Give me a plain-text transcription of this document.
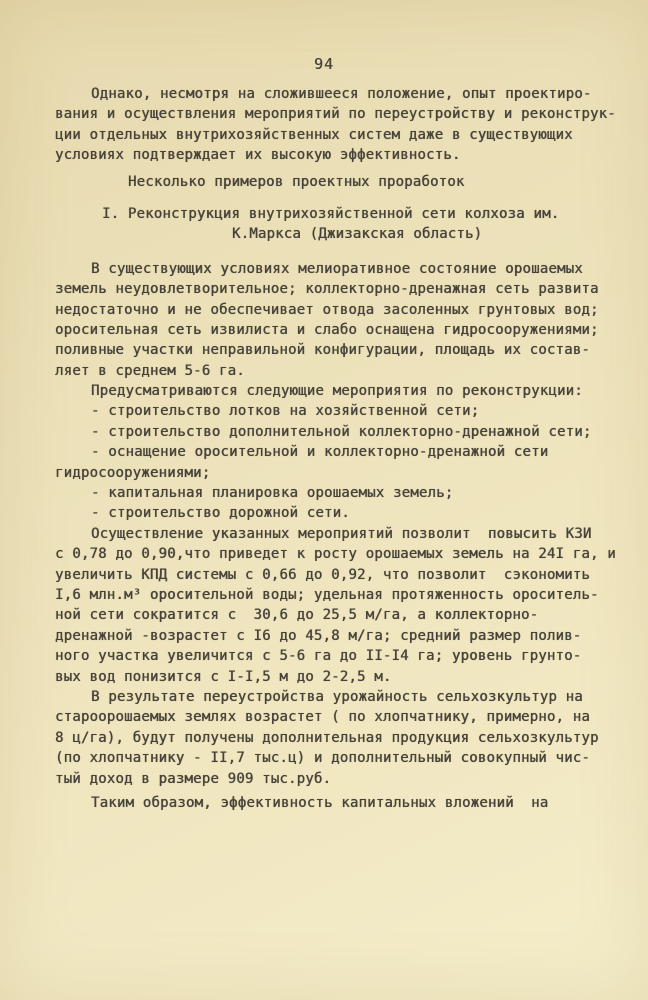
94
Однако, несмотря на сложившееся положение, опыт проектиро-
вания и осуществления мероприятий по переустройству и реконструк-
ции отдельных внутрихозяйственных систем даже в существующих
условиях подтверждает их высокую эффективность.
Несколько примеров проектных проработок
I. Реконструкция внутрихозяйственной сети колхоза им.
К.Маркса (Джизакская область)
В существующих условиях мелиоративное состояние орошаемых
земель неудовлетворительное; коллекторно-дренажная сеть развита
недостаточно и не обеспечивает отвода засоленных грунтовых вод;
оросительная сеть извилиста и слабо оснащена гидросооружениями;
поливные участки неправильной конфигурации, площадь их состав-
ляет в среднем 5-6 га.
Предусматриваются следующие мероприятия по реконструкции:
- строительство лотков на хозяйственной сети;
- строительство дополнительной коллекторно-дренажной сети;
- оснащение оросительной и коллекторно-дренажной сети
гидросооружениями;
- капитальная планировка орошаемых земель;
- строительство дорожной сети.
Осуществление указанных мероприятий позволит  повысить КЗИ
с 0,78 до 0,90,что приведет к росту орошаемых земель на 24I га, и
увеличить КПД системы с 0,66 до 0,92, что позволит  сэкономить
I,6 млн.м³ оросительной воды; удельная протяженность ороситель-
ной сети сократится с  30,6 до 25,5 м/га, а коллекторно-
дренажной -возрастет с I6 до 45,8 м/га; средний размер полив-
ного участка увеличится с 5-6 га до II-I4 га; уровень грунто-
вых вод понизится с I-I,5 м до 2-2,5 м.
В результате переустройства урожайность сельхозкультур на
староорошаемых землях возрастет ( по хлопчатнику, примерно, на
8 ц/га), будут получены дополнительная продукция сельхозкультур
(по хлопчатнику - II,7 тыс.ц) и дополнительный совокупный чис-
тый доход в размере 909 тыс.руб.
Таким образом, эффективность капитальных вложений  на
